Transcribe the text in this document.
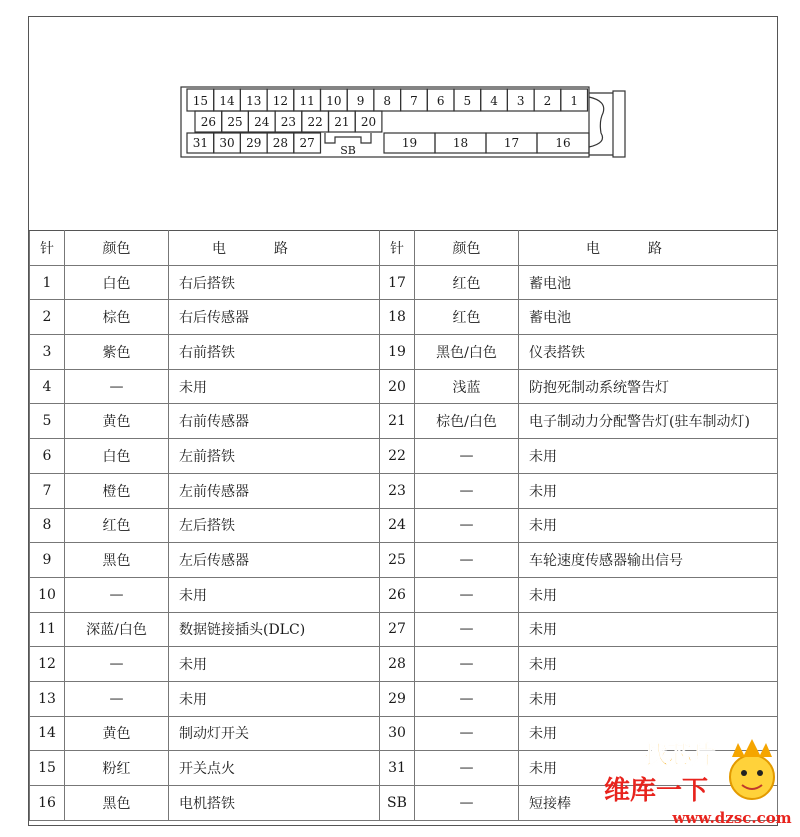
15 14 13 12 11 10 9 8 7 6 5 4 3 2 1
26 25 24 23 22 21 20
31 30 29 28 27
SB
19	18	17	16
针	颜色	电路	针	颜色	电路
1	白色	右后搭铁	17	红色	蓄电池
2	棕色	右后传感器	18	红色	蓄电池
3	紫色	右前搭铁	19	黑色/白色	仪表搭铁
4	—	未用	20	浅蓝	防抱死制动系统警告灯
5	黄色	右前传感器	21	棕色/白色	电子制动力分配警告灯(驻车制动灯)
6	白色	左前搭铁	22	—	未用
7	橙色	左前传感器	23	—	未用
8	红色	左后搭铁	24	—	未用
9	黑色	左后传感器	25	—	车轮速度传感器输出信号
10	—	未用	26	—	未用
11	深蓝/白色	数据链接插头(DLC)	27	—	未用
12	—	未用	28	—	未用
13	—	未用	29	—	未用
14	黄色	制动灯开关	30	—	未用
15	粉红	开关点火	31	—	未用
16	黑色	电机搭铁	SB	—	短接棒
找芯片
维库一下
www.dzsc.com
